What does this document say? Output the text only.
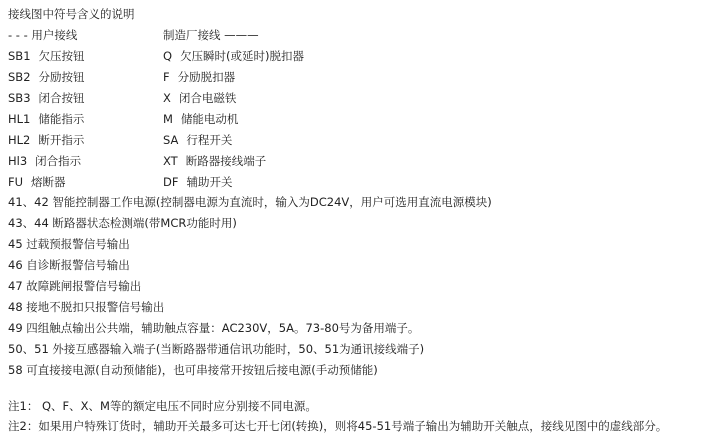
接线图中符号含义的说明
- - - 用户接线	制造厂接线 ———
SB1 欠压按钮	Q 欠压瞬时(或延时)脱扣器
SB2 分励按钮	F 分励脱扣器
SB3 闭合按钮	X 闭合电磁铁
HL1 储能指示	M 储能电动机
HL2 断开指示	SA 行程开关
Hl3 闭合指示	XT 断路器接线端子
FU 熔断器	DF 辅助开关
41、42 智能控制器工作电源(控制器电源为直流时，输入为DC24V，用户可选用直流电源模块)
43、44 断路器状态检测端(带MCR功能时用)
45 过载预报警信号输出
46 自诊断报警信号输出
47 故障跳闸报警信号输出
48 接地不脱扣只报警信号输出
49 四组触点输出公共端，辅助触点容量：AC230V，5A。73-80号为备用端子。
50、51 外接互感器输入端子(当断路器带通信讯功能时，50、51为通讯接线端子)
58 可直接接电源(自动预储能)，也可串接常开按钮后接电源(手动预储能)
注1： Q、F、X、M等的额定电压不同时应分别接不同电源。
注2：如果用户特殊订货时，辅助开关最多可达七开七闭(转换)，则将45-51号端子输出为辅助开关触点，接线见图中的虚线部分。
